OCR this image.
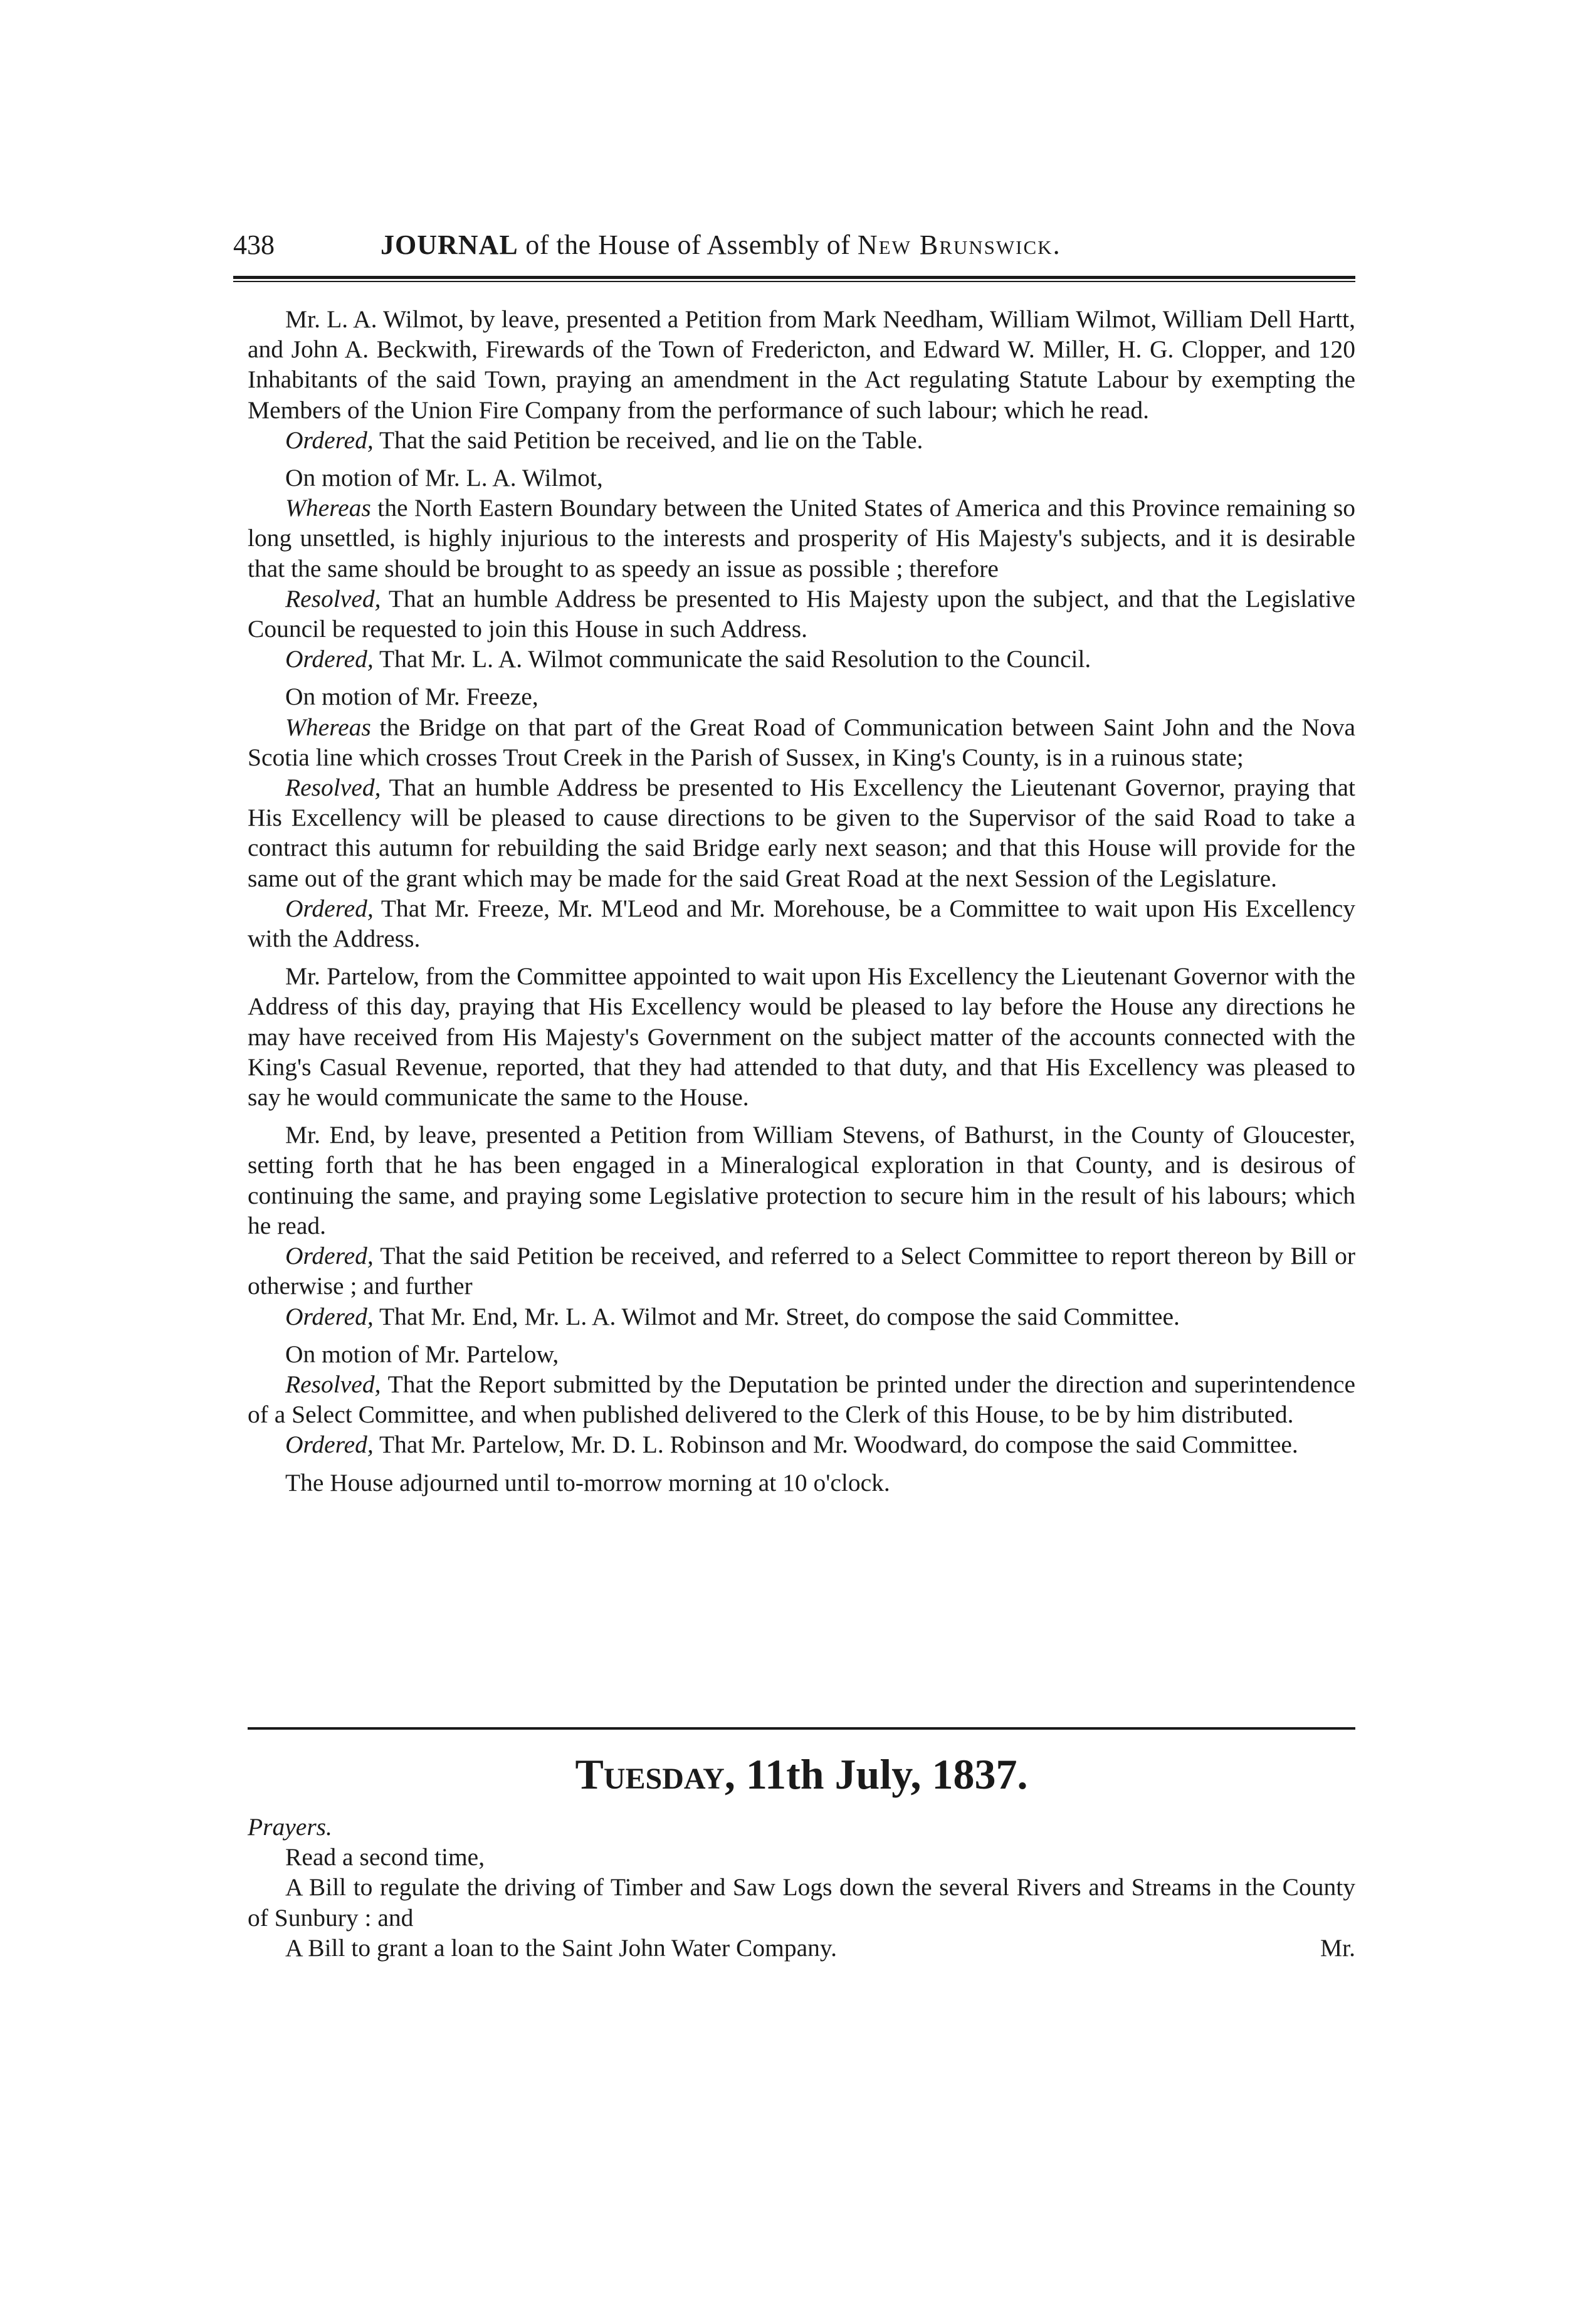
438	JOURNAL of the House of Assembly of New Brunswick.

Mr. L. A. Wilmot, by leave, presented a Petition from Mark Needham, William Wilmot, William Dell Hartt, and John A. Beckwith, Firewards of the Town of Fredericton, and Edward W. Miller, H. G. Clopper, and 120 Inhabitants of the said Town, praying an amendment in the Act regulating Statute Labour by exempting the Members of the Union Fire Company from the performance of such labour; which he read.

Ordered, That the said Petition be received, and lie on the Table.

On motion of Mr. L. A. Wilmot,

Whereas the North Eastern Boundary between the United States of America and this Province remaining so long unsettled, is highly injurious to the interests and prosperity of His Majesty's subjects, and it is desirable that the same should be brought to as speedy an issue as possible ; therefore

Resolved, That an humble Address be presented to His Majesty upon the subject, and that the Legislative Council be requested to join this House in such Address.

Ordered, That Mr. L. A. Wilmot communicate the said Resolution to the Council.

On motion of Mr. Freeze,

Whereas the Bridge on that part of the Great Road of Communication between Saint John and the Nova Scotia line which crosses Trout Creek in the Parish of Sussex, in King's County, is in a ruinous state;

Resolved, That an humble Address be presented to His Excellency the Lieutenant Governor, praying that His Excellency will be pleased to cause directions to be given to the Supervisor of the said Road to take a contract this autumn for rebuilding the said Bridge early next season; and that this House will provide for the same out of the grant which may be made for the said Great Road at the next Session of the Legislature.

Ordered, That Mr. Freeze, Mr. M'Leod and Mr. Morehouse, be a Committee to wait upon His Excellency with the Address.

Mr. Partelow, from the Committee appointed to wait upon His Excellency the Lieutenant Governor with the Address of this day, praying that His Excellency would be pleased to lay before the House any directions he may have received from His Majesty's Government on the subject matter of the accounts connected with the King's Casual Revenue, reported, that they had attended to that duty, and that His Excellency was pleased to say he would communicate the same to the House.

Mr. End, by leave, presented a Petition from William Stevens, of Bathurst, in the County of Gloucester, setting forth that he has been engaged in a Mineralogical exploration in that County, and is desirous of continuing the same, and praying some Legislative protection to secure him in the result of his labours; which he read.

Ordered, That the said Petition be received, and referred to a Select Committee to report thereon by Bill or otherwise ; and further

Ordered, That Mr. End, Mr. L. A. Wilmot and Mr. Street, do compose the said Committee.

On motion of Mr. Partelow,

Resolved, That the Report submitted by the Deputation be printed under the direction and superintendence of a Select Committee, and when published delivered to the Clerk of this House, to be by him distributed.

Ordered, That Mr. Partelow, Mr. D. L. Robinson and Mr. Woodward, do compose the said Committee.

The House adjourned until to-morrow morning at 10 o'clock.

Tuesday, 11th July, 1837.

Prayers.

Read a second time,

A Bill to regulate the driving of Timber and Saw Logs down the several Rivers and Streams in the County of Sunbury : and

A Bill to grant a loan to the Saint John Water Company.	Mr.
